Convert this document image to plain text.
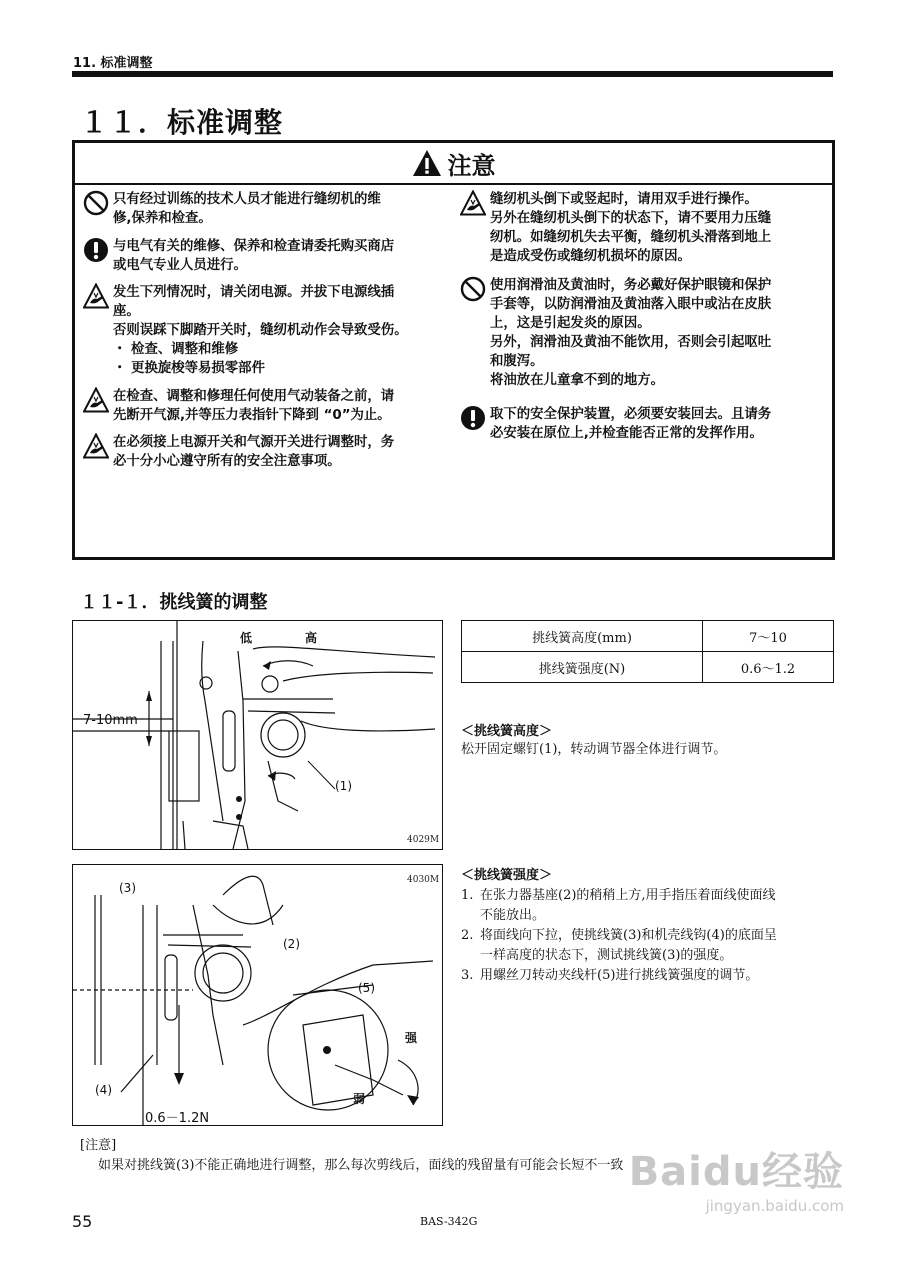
11. 标准调整
１１．标准调整
注意
只有经过训练的技术人员才能进行缝纫机的维
修,保养和检查。
与电气有关的维修、保养和检查请委托购买商店
或电气专业人员进行。
发生下列情况时，请关闭电源。并拔下电源线插
座。
否则误踩下脚踏开关时，缝纫机动作会导致受伤。
・ 检查、调整和维修
・ 更换旋梭等易损零部件
在检查、调整和修理任何使用气动装备之前，请
先断开气源,并等压力表指针下降到 “0”为止。
在必须接上电源开关和气源开关进行调整时，务
必十分小心遵守所有的安全注意事项。
缝纫机头倒下或竖起时，请用双手进行操作。
另外在缝纫机头倒下的状态下，请不要用力压缝
纫机。如缝纫机失去平衡，缝纫机头滑落到地上
是造成受伤或缝纫机损坏的原因。
使用润滑油及黄油时，务必戴好保护眼镜和保护
手套等，以防润滑油及黄油落入眼中或沾在皮肤
上，这是引起发炎的原因。
另外，润滑油及黄油不能饮用，否则会引起呕吐
和腹泻。
将油放在儿童拿不到的地方。
取下的安全保护装置，必须要安装回去。且请务
必安装在原位上,并检查能否正常的发挥作用。
１１-１．挑线簧的调整
低	高
7-10mm
(1)
4029M
(3)
(2)
(5)
(4)
强
弱
0.6－1.2N
4030M
挑线簧高度(mm)	7～10
挑线簧强度(N)	0.6～1.2
＜挑线簧高度＞
松开固定螺钉(1)，转动调节器全体进行调节。
＜挑线簧强度＞
1. 在张力器基座(2)的稍稍上方,用手指压着面线使面线
不能放出。
2. 将面线向下拉，使挑线簧(3)和机壳线钩(4)的底面呈
一样高度的状态下，测试挑线簧(3)的强度。
3. 用螺丝刀转动夹线杆(5)进行挑线簧强度的调节。
[注意]
如果对挑线簧(3)不能正确地进行调整，那么每次剪线后，面线的残留量有可能会长短不一致
55	BAS-342G
Baidu经验
jingyan.baidu.com
